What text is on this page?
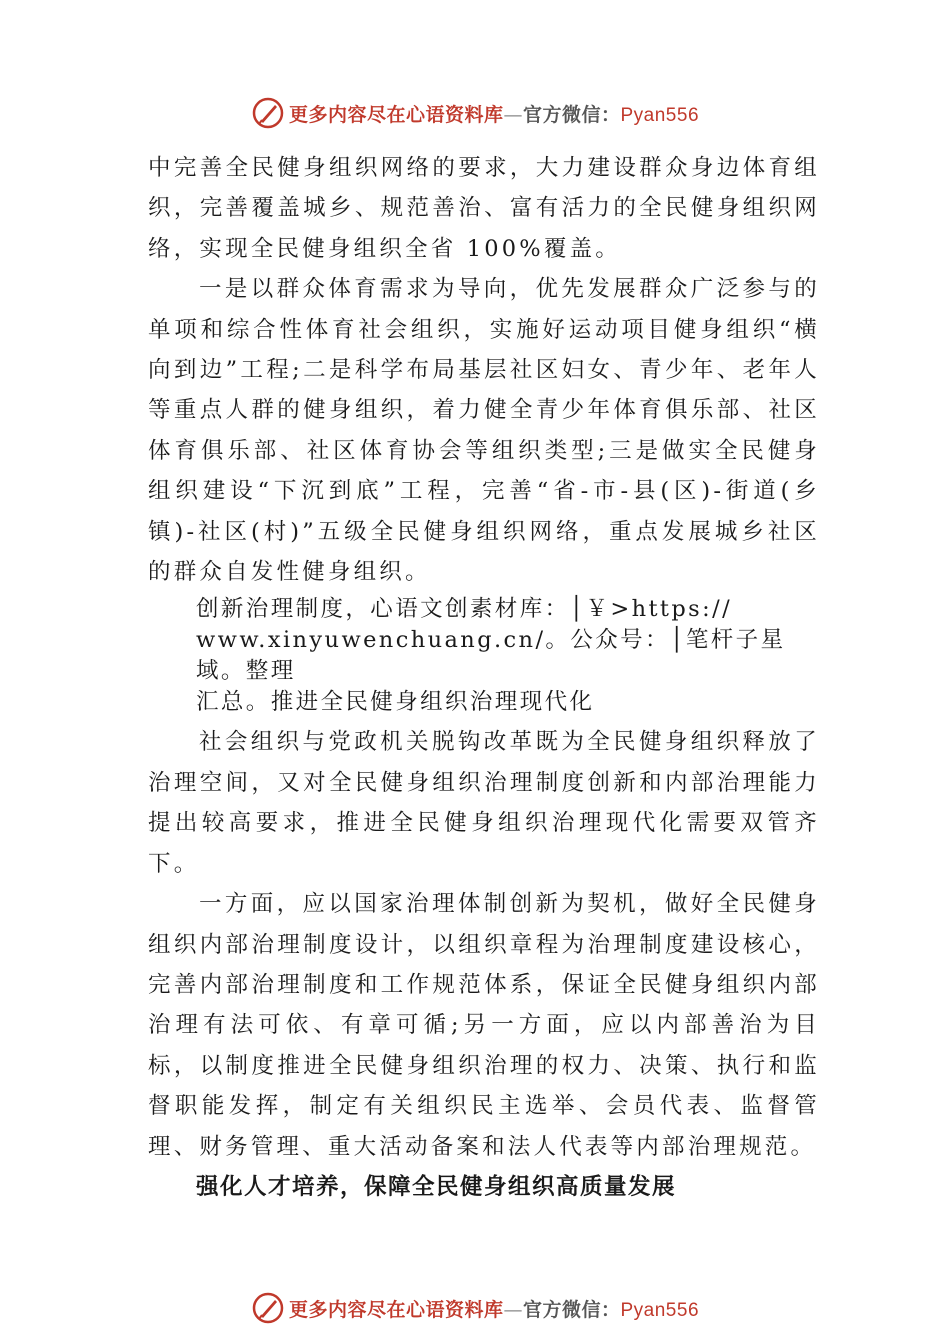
更多内容尽在心语资料库—官方微信：Pyan556

中完善全民健身组织网络的要求，大力建设群众身边体育组织，完善覆盖城乡、规范善治、富有活力的全民健身组织网络，实现全民健身组织全省 100%覆盖。

一是以群众体育需求为导向，优先发展群众广泛参与的单项和综合性体育社会组织，实施好运动项目健身组织“横向到边”工程;二是科学布局基层社区妇女、青少年、老年人等重点人群的健身组织，着力健全青少年体育俱乐部、社区体育俱乐部、社区体育协会等组织类型;三是做实全民健身组织建设“下沉到底”工程，完善“省-市-县(区)-街道(乡镇)-社区(村)”五级全民健身组织网络，重点发展城乡社区的群众自发性健身组织。

创新治理制度，心语文创素材库：│￥>https://

www.xinyuwenchuang.cn/。公众号：│笔杆子星域。整理

汇总。推进全民健身组织治理现代化

社会组织与党政机关脱钩改革既为全民健身组织释放了治理空间，又对全民健身组织治理制度创新和内部治理能力提出较高要求，推进全民健身组织治理现代化需要双管齐下。

一方面，应以国家治理体制创新为契机，做好全民健身组织内部治理制度设计，以组织章程为治理制度建设核心，完善内部治理制度和工作规范体系，保证全民健身组织内部治理有法可依、有章可循;另一方面，应以内部善治为目标，以制度推进全民健身组织治理的权力、决策、执行和监督职能发挥，制定有关组织民主选举、会员代表、监督管理、财务管理、重大活动备案和法人代表等内部治理规范。

强化人才培养，保障全民健身组织高质量发展

更多内容尽在心语资料库—官方微信：Pyan556
